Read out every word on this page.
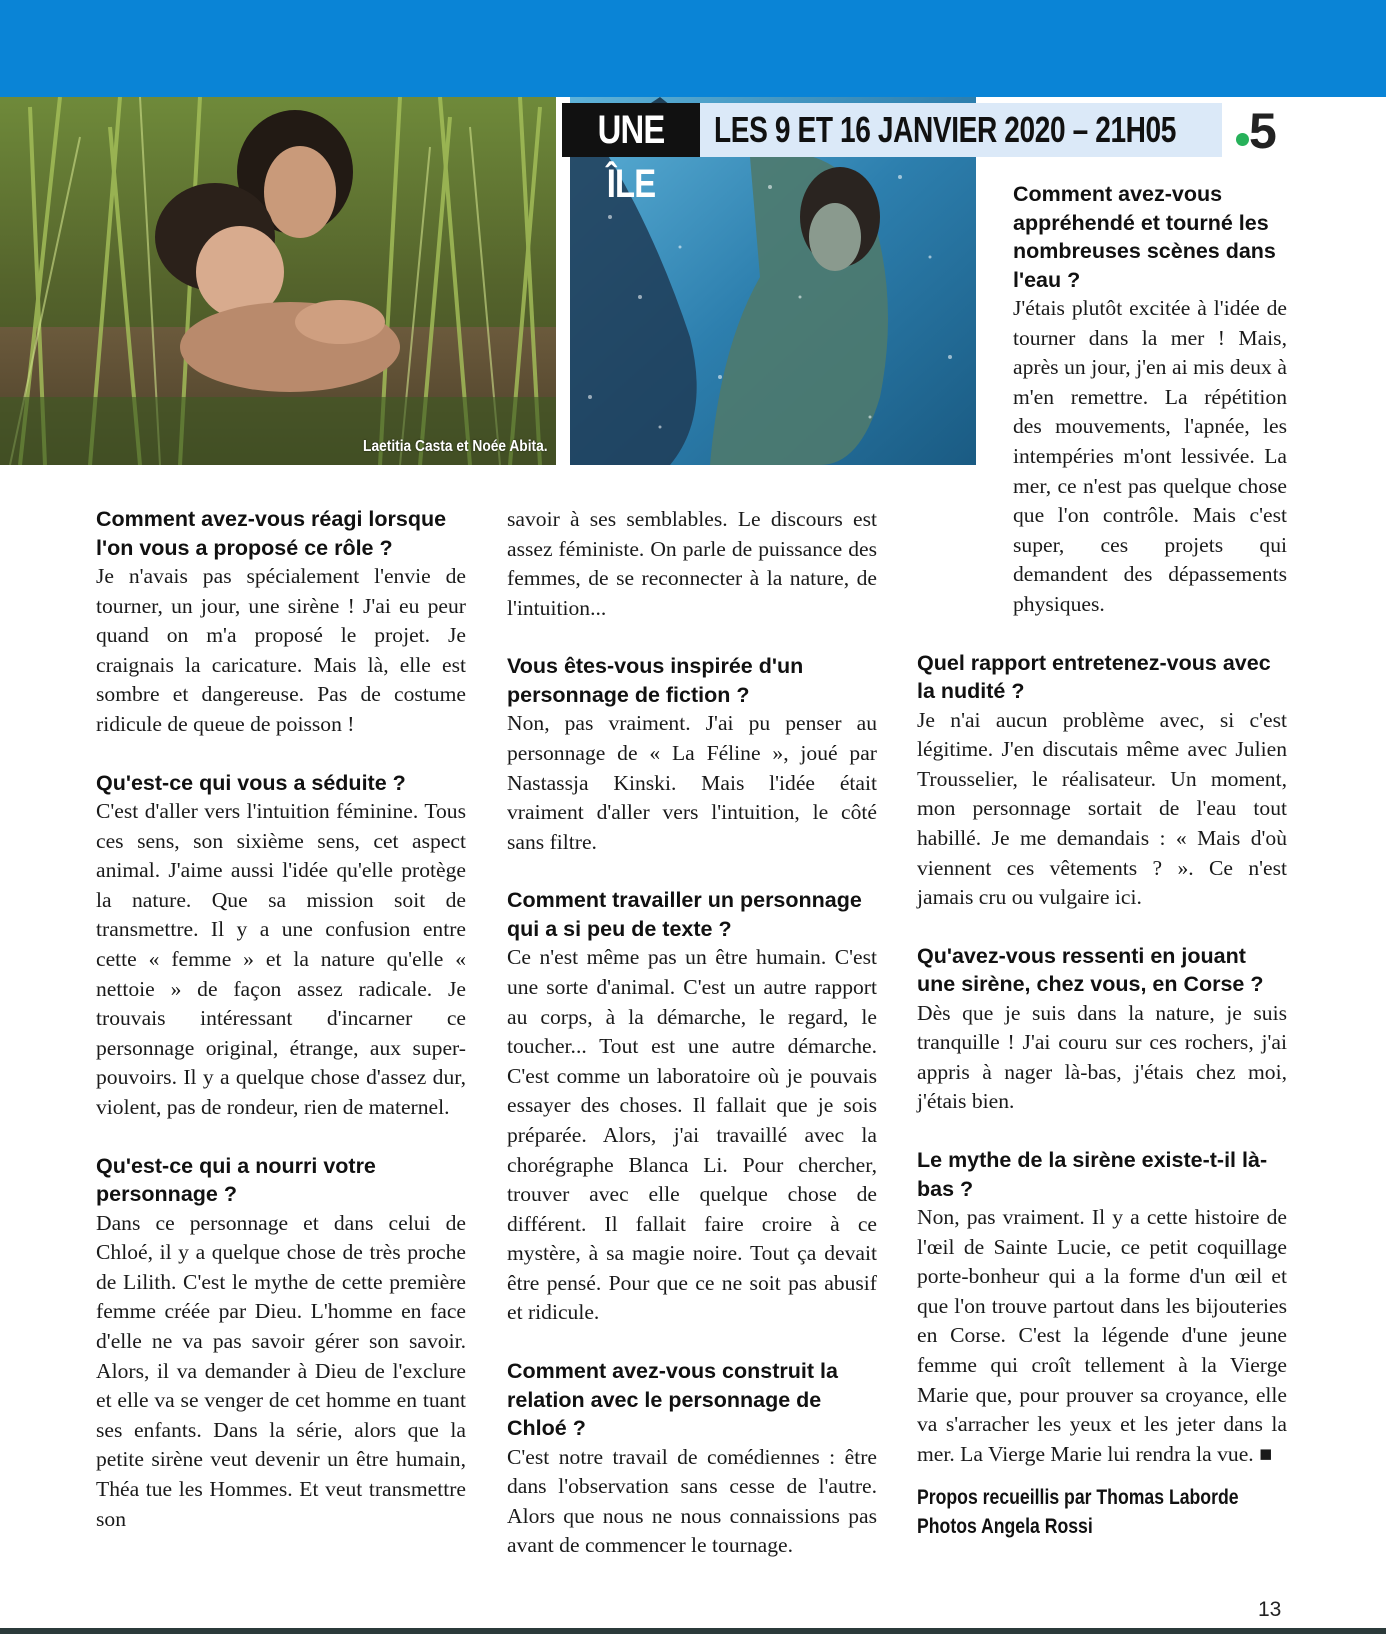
Laetitia Casta et Noée Abita.
UNE ÎLE
LES 9 ET 16 JANVIER 2020 – 21H05 5
Comment avez-vous réagi lorsque l'on vous a proposé ce rôle ?
Je n'avais pas spécialement l'envie de tourner, un jour, une sirène ! J'ai eu peur quand on m'a proposé le projet. Je craignais la caricature. Mais là, elle est sombre et dangereuse. Pas de costume ridicule de queue de poisson !
Qu'est-ce qui vous a séduite ?
C'est d'aller vers l'intuition féminine. Tous ces sens, son sixième sens, cet aspect animal. J'aime aussi l'idée qu'elle protège la nature. Que sa mission soit de transmettre. Il y a une confusion entre cette « femme » et la nature qu'elle « nettoie » de façon assez radicale. Je trouvais intéressant d'incarner ce personnage original, étrange, aux super-pouvoirs. Il y a quelque chose d'assez dur, violent, pas de rondeur, rien de maternel.
Qu'est-ce qui a nourri votre personnage ?
Dans ce personnage et dans celui de Chloé, il y a quelque chose de très proche de Lilith. C'est le mythe de cette première femme créée par Dieu. L'homme en face d'elle ne va pas savoir gérer son savoir. Alors, il va demander à Dieu de l'exclure et elle va se venger de cet homme en tuant ses enfants. Dans la série, alors que la petite sirène veut devenir un être humain, Théa tue les Hommes. Et veut transmettre son
savoir à ses semblables. Le discours est assez féministe. On parle de puissance des femmes, de se reconnecter à la nature, de l'intuition...
Vous êtes-vous inspirée d'un personnage de fiction ?
Non, pas vraiment. J'ai pu penser au personnage de « La Féline », joué par Nastassja Kinski. Mais l'idée était vraiment d'aller vers l'intuition, le côté sans filtre.
Comment travailler un personnage qui a si peu de texte ?
Ce n'est même pas un être humain. C'est une sorte d'animal. C'est un autre rapport au corps, à la démarche, le regard, le toucher... Tout est une autre démarche. C'est comme un laboratoire où je pouvais essayer des choses. Il fallait que je sois préparée. Alors, j'ai travaillé avec la chorégraphe Blanca Li. Pour chercher, trouver avec elle quelque chose de différent. Il fallait faire croire à ce mystère, à sa magie noire. Tout ça devait être pensé. Pour que ce ne soit pas abusif et ridicule.
Comment avez-vous construit la relation avec le personnage de Chloé ?
C'est notre travail de comédiennes : être dans l'observation sans cesse de l'autre. Alors que nous ne nous connaissions pas avant de commencer le tournage.
Comment avez-vous appréhendé et tourné les nombreuses scènes dans l'eau ?
J'étais plutôt excitée à l'idée de tourner dans la mer ! Mais, après un jour, j'en ai mis deux à m'en remettre. La répétition des mouvements, l'apnée, les intempéries m'ont lessivée. La mer, ce n'est pas quelque chose que l'on contrôle. Mais c'est super, ces projets qui demandent des dépassements physiques.
Quel rapport entretenez-vous avec la nudité ?
Je n'ai aucun problème avec, si c'est légitime. J'en discutais même avec Julien Trousselier, le réalisateur. Un moment, mon personnage sortait de l'eau tout habillé. Je me demandais : « Mais d'où viennent ces vêtements ? ». Ce n'est jamais cru ou vulgaire ici.
Qu'avez-vous ressenti en jouant une sirène, chez vous, en Corse ?
Dès que je suis dans la nature, je suis tranquille ! J'ai couru sur ces rochers, j'ai appris à nager là-bas, j'étais chez moi, j'étais bien.
Le mythe de la sirène existe-t-il là-bas ?
Non, pas vraiment. Il y a cette histoire de l'œil de Sainte Lucie, ce petit coquillage porte-bonheur qui a la forme d'un œil et que l'on trouve partout dans les bijouteries en Corse. C'est la légende d'une jeune femme qui croît tellement à la Vierge Marie que, pour prouver sa croyance, elle va s'arracher les yeux et les jeter dans la mer. La Vierge Marie lui rendra la vue. ■
Propos recueillis par Thomas Laborde
Photos Angela Rossi
13
